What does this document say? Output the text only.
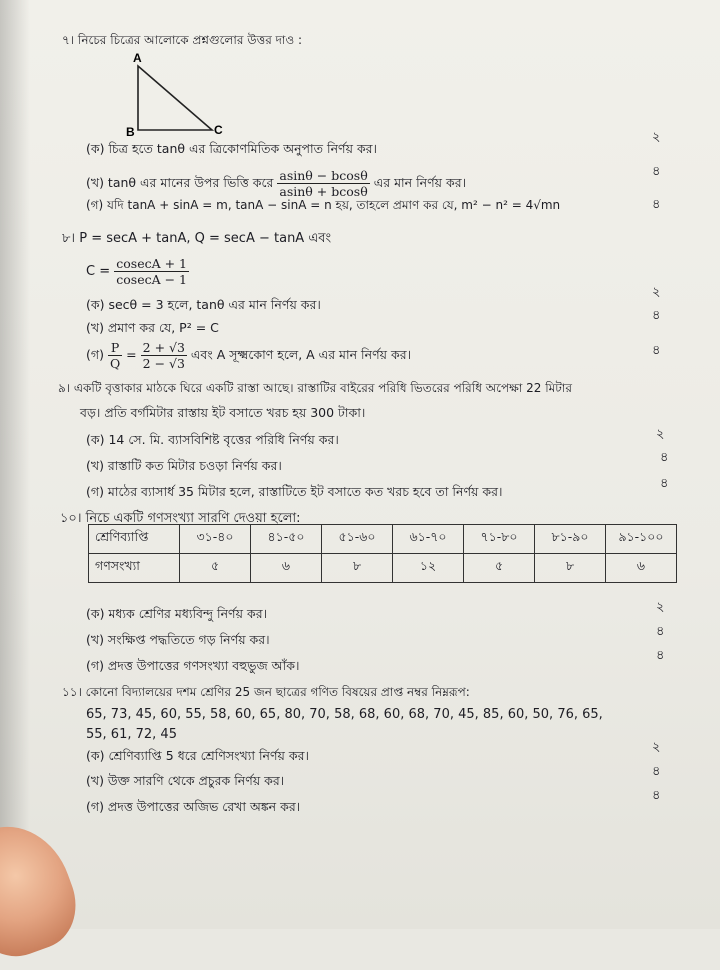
৭। নিচের চিত্রের আলোকে প্রশ্নগুলোর উত্তর দাও :
A
B	C
(ক) চিত্র হতে tanθ এর ত্রিকোণমিতিক অনুপাত নির্ণয় কর।
২
(খ) tanθ এর মানের উপর ভিত্তি করে $\frac{asin\theta - bcos\theta}{asin\theta + bcos\theta}$ এর মান নির্ণয় কর।
৪
(গ) যদি tanA + sinA = m, tanA − sinA = n হয়, তাহলে প্রমাণ কর যে, m² − n² = 4√mn	৪
৮। P = secA + tanA, Q = secA − tanA এবং
$C = \frac{cosecA + 1}{cosecA - 1}$
(ক) secθ = 3 হলে, tanθ এর মান নির্ণয় কর।
২
(খ) প্রমাণ কর যে, P² = C
৪
(গ) $\frac{P}{Q} = \frac{2 + √3}{2 - √3}$ এবং A সূক্ষ্মকোণ হলে, A এর মান নির্ণয় কর।	৪
৯। একটি বৃত্তাকার মাঠকে ঘিরে একটি রাস্তা আছে। রাস্তাটির বাইরের পরিধি ভিতরের পরিধি অপেক্ষা 22 মিটার
বড়। প্রতি বর্গমিটার রাস্তায় ইট বসাতে খরচ হয় 300 টাকা।
(ক) 14 সে. মি. ব্যাসবিশিষ্ট বৃত্তের পরিধি নির্ণয় কর।	২
(খ) রাস্তাটি কত মিটার চওড়া নির্ণয় কর।
৪
(গ) মাঠের ব্যাসার্ধ 35 মিটার হলে, রাস্তাটিতে ইট বসাতে কত খরচ হবে তা নির্ণয় কর।
৪
১০। নিচে একটি গণসংখ্যা সারণি দেওয়া হলো:
শ্রেণিব্যাপ্তি	৩১-৪০	৪১-৫০	৫১-৬০	৬১-৭০	৭১-৮০	৮১-৯০	৯১-১০০
গণসংখ্যা	৫	৬	৮	১২	৫	৮	৬
(ক) মধ্যক শ্রেণির মধ্যবিন্দু নির্ণয় কর।	২
(খ) সংক্ষিপ্ত পদ্ধতিতে গড় নির্ণয় কর।
৪
(গ) প্রদত্ত উপাত্তের গণসংখ্যা বহুভুজ আঁক।
৪
১১। কোনো বিদ্যালয়ের দশম শ্রেণির 25 জন ছাত্রের গণিত বিষয়ের প্রাপ্ত নম্বর নিম্নরূপ:
65, 73, 45, 60, 55, 58, 60, 65, 80, 70, 58, 68, 60, 68, 70, 45, 85, 60, 50, 76, 65,
55, 61, 72, 45
(ক) শ্রেণিব্যাপ্তি 5 ধরে শ্রেণিসংখ্যা নির্ণয় কর।
২
(খ) উক্ত সারণি থেকে প্রচুরক নির্ণয় কর।
৪
(গ) প্রদত্ত উপাত্তের অজিভ রেখা অঙ্কন কর।
৪
